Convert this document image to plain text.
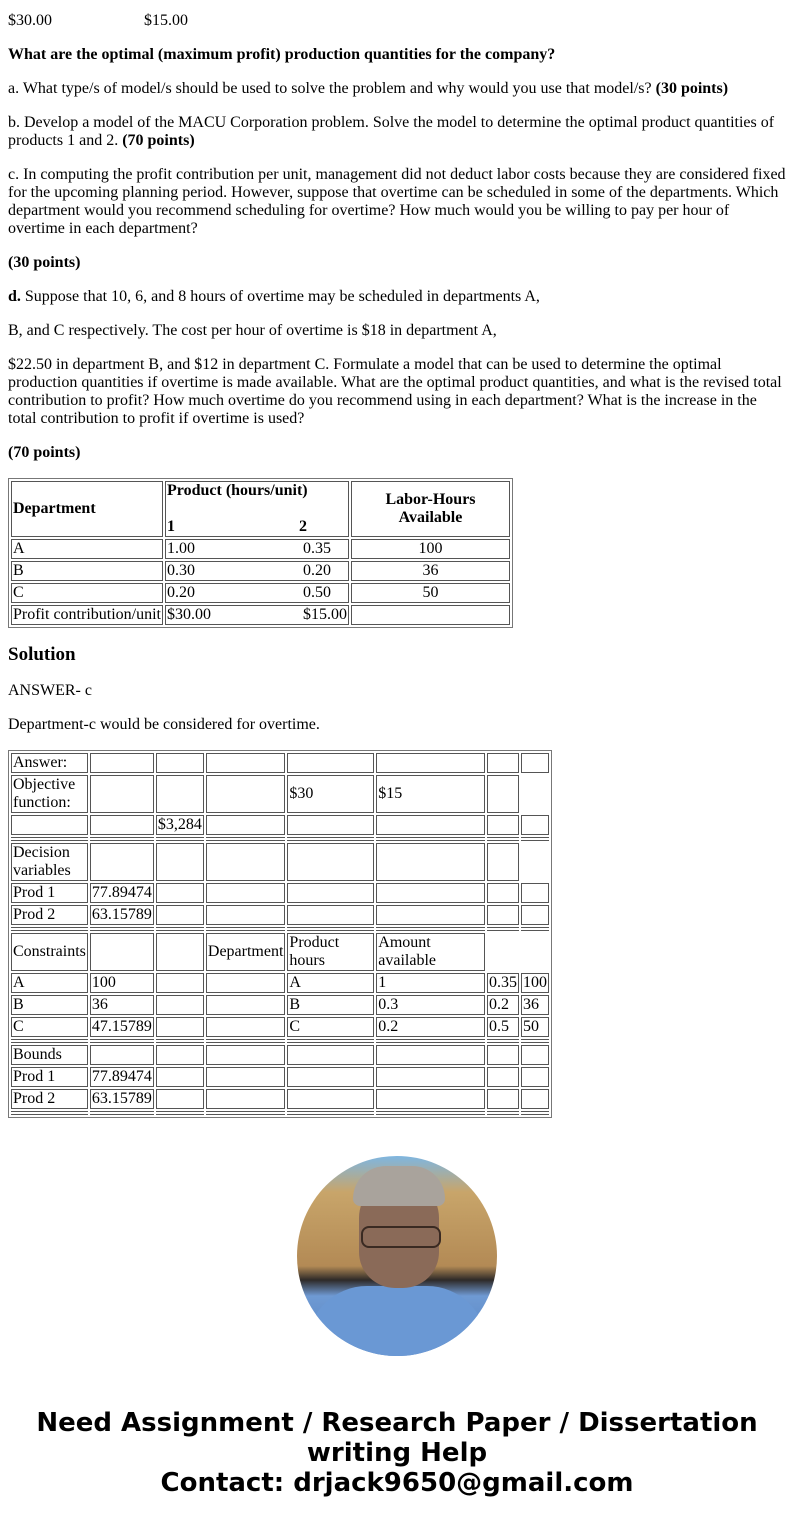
$30.00	$15.00

What are the optimal (maximum profit) production quantities for the company?

a. What type/s of model/s should be used to solve the problem and why would you use that model/s? (30 points)

b. Develop a model of the MACU Corporation problem. Solve the model to determine the optimal product quantities of products 1 and 2. (70 points)

c. In computing the profit contribution per unit, management did not deduct labor costs because they are considered fixed for the upcoming planning period. However, suppose that overtime can be scheduled in some of the departments. Which department would you recommend scheduling for overtime? How much would you be willing to pay per hour of overtime in each department?

(30 points)

d. Suppose that 10, 6, and 8 hours of overtime may be scheduled in departments A,

B, and C respectively. The cost per hour of overtime is $18 in department A,

$22.50 in department B, and $12 in department C. Formulate a model that can be used to determine the optimal production quantities if overtime is made available. What are the optimal product quantities, and what is the revised total contribution to profit? How much overtime do you recommend using in each department? What is the increase in the total contribution to profit if overtime is used?

(70 points)

Department	Product (hours/unit)

1 2	Labor-Hours Available
A	1.00 0.35	100
B	0.30 0.20	36
C	0.20 0.50	50
Profit contribution/unit	$30.00 $15.00	

Solution

ANSWER- c

Department-c would be considered for overtime.

Answer:							
Objective function:				$30	$15		
		$3,284					

Decision variables							
Prod 1	77.89474						
Prod 2	63.15789						

Constraints			Department	Product hours	Amount available		
A	100			A	1	0.35	100
B	36			B	0.3	0.2	36
C	47.15789			C	0.2	0.5	50

Bounds							
Prod 1	77.89474						
Prod 2	63.15789						

Need Assignment / Research Paper / Dissertation writing Help
Contact: drjack9650@gmail.com
